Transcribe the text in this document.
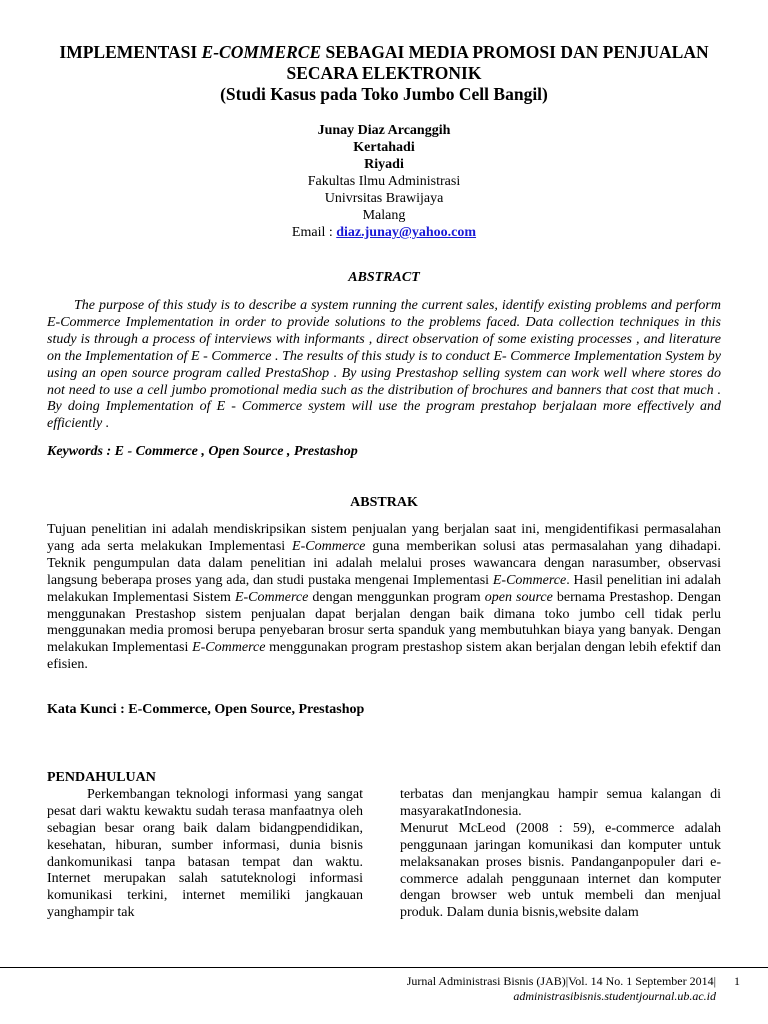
IMPLEMENTASI E-COMMERCE SEBAGAI MEDIA PROMOSI DAN PENJUALAN
SECARA ELEKTRONIK
(Studi Kasus pada Toko Jumbo Cell Bangil)
Junay Diaz Arcanggih
Kertahadi
Riyadi
Fakultas Ilmu Administrasi
Univrsitas Brawijaya
Malang
Email : diaz.junay@yahoo.com
ABSTRACT

The purpose of this study is to describe a system running the current sales, identify existing problems and perform E-Commerce Implementation in order to provide solutions to the problems faced. Data collection techniques in this study is through a process of interviews with informants , direct observation of some existing processes , and literature on the Implementation of E - Commerce . The results of this study is to conduct E- Commerce Implementation System by using an open source program called PrestaShop . By using Prestashop selling system can work well where stores do not need to use a cell jumbo promotional media such as the distribution of brochures and banners that cost that much . By doing Implementation of E - Commerce system will use the program prestahop berjalaan more effectively and efficiently .

Keywords : E - Commerce , Open Source , Prestashop

ABSTRAK

Tujuan penelitian ini adalah mendiskripsikan sistem penjualan yang berjalan saat ini, mengidentifikasi permasalahan yang ada serta melakukan Implementasi E-Commerce guna memberikan solusi atas permasalahan yang dihadapi. Teknik pengumpulan data dalam penelitian ini adalah melalui proses wawancara dengan narasumber, observasi langsung beberapa proses yang ada, dan studi pustaka mengenai Implementasi E-Commerce. Hasil penelitian ini adalah melakukan Implementasi Sistem E-Commerce dengan menggunkan program open source bernama Prestashop. Dengan menggunakan Prestashop sistem penjualan dapat berjalan dengan baik dimana toko jumbo cell tidak perlu menggunakan media promosi berupa penyebaran brosur serta spanduk yang membutuhkan biaya yang banyak. Dengan melakukan Implementasi E-Commerce menggunakan program prestashop sistem akan berjalan dengan lebih efektif dan efisien.

Kata Kunci : E-Commerce, Open Source, Prestashop

PENDAHULUAN

Perkembangan teknologi informasi yang sangat pesat dari waktu kewaktu sudah terasa manfaatnya oleh sebagian besar orang baik dalam bidangpendidikan, kesehatan, hiburan, sumber informasi, dunia bisnis dankomunikasi tanpa batasan tempat dan waktu. Internet merupakan salah satuteknologi informasi komunikasi terkini, internet memiliki jangkauan yanghampir tak

terbatas dan menjangkau hampir semua kalangan di masyarakatIndonesia.

Menurut McLeod (2008 : 59), e-commerce adalah penggunaan jaringan komunikasi dan komputer untuk melaksanakan proses bisnis. Pandanganpopuler dari e-commerce adalah penggunaan internet dan komputer dengan browser web untuk membeli dan menjual produk. Dalam dunia bisnis,website dalam

Jurnal Administrasi Bisnis (JAB)|Vol. 14 No. 1 September 2014|
administrasibisnis.studentjournal.ub.ac.id
1
